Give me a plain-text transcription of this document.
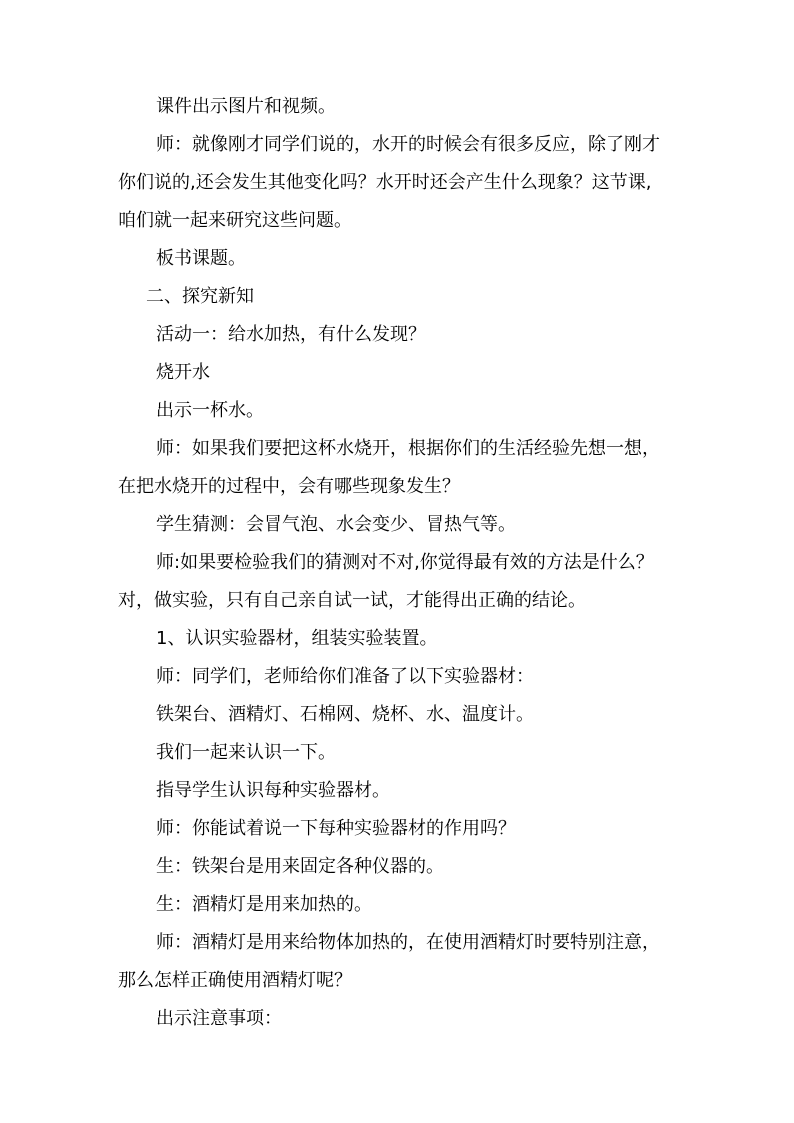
课件出示图片和视频。

师：就像刚才同学们说的，水开的时候会有很多反应，除了刚才
你们说的,还会发生其他变化吗？水开时还会产生什么现象？这节课,
咱们就一起来研究这些问题。

板书课题。

二、探究新知

活动一：给水加热，有什么发现？

烧开水

出示一杯水。

师：如果我们要把这杯水烧开，根据你们的生活经验先想一想，
在把水烧开的过程中，会有哪些现象发生？

学生猜测：会冒气泡、水会变少、冒热气等。

师:如果要检验我们的猜测对不对,你觉得最有效的方法是什么？
对，做实验，只有自己亲自试一试，才能得出正确的结论。

1、认识实验器材，组装实验装置。

师：同学们，老师给你们准备了以下实验器材：

铁架台、酒精灯、石棉网、烧杯、水、温度计。

我们一起来认识一下。

指导学生认识每种实验器材。

师：你能试着说一下每种实验器材的作用吗？

生：铁架台是用来固定各种仪器的。

生：酒精灯是用来加热的。

师：酒精灯是用来给物体加热的，在使用酒精灯时要特别注意，
那么怎样正确使用酒精灯呢？

出示注意事项：
